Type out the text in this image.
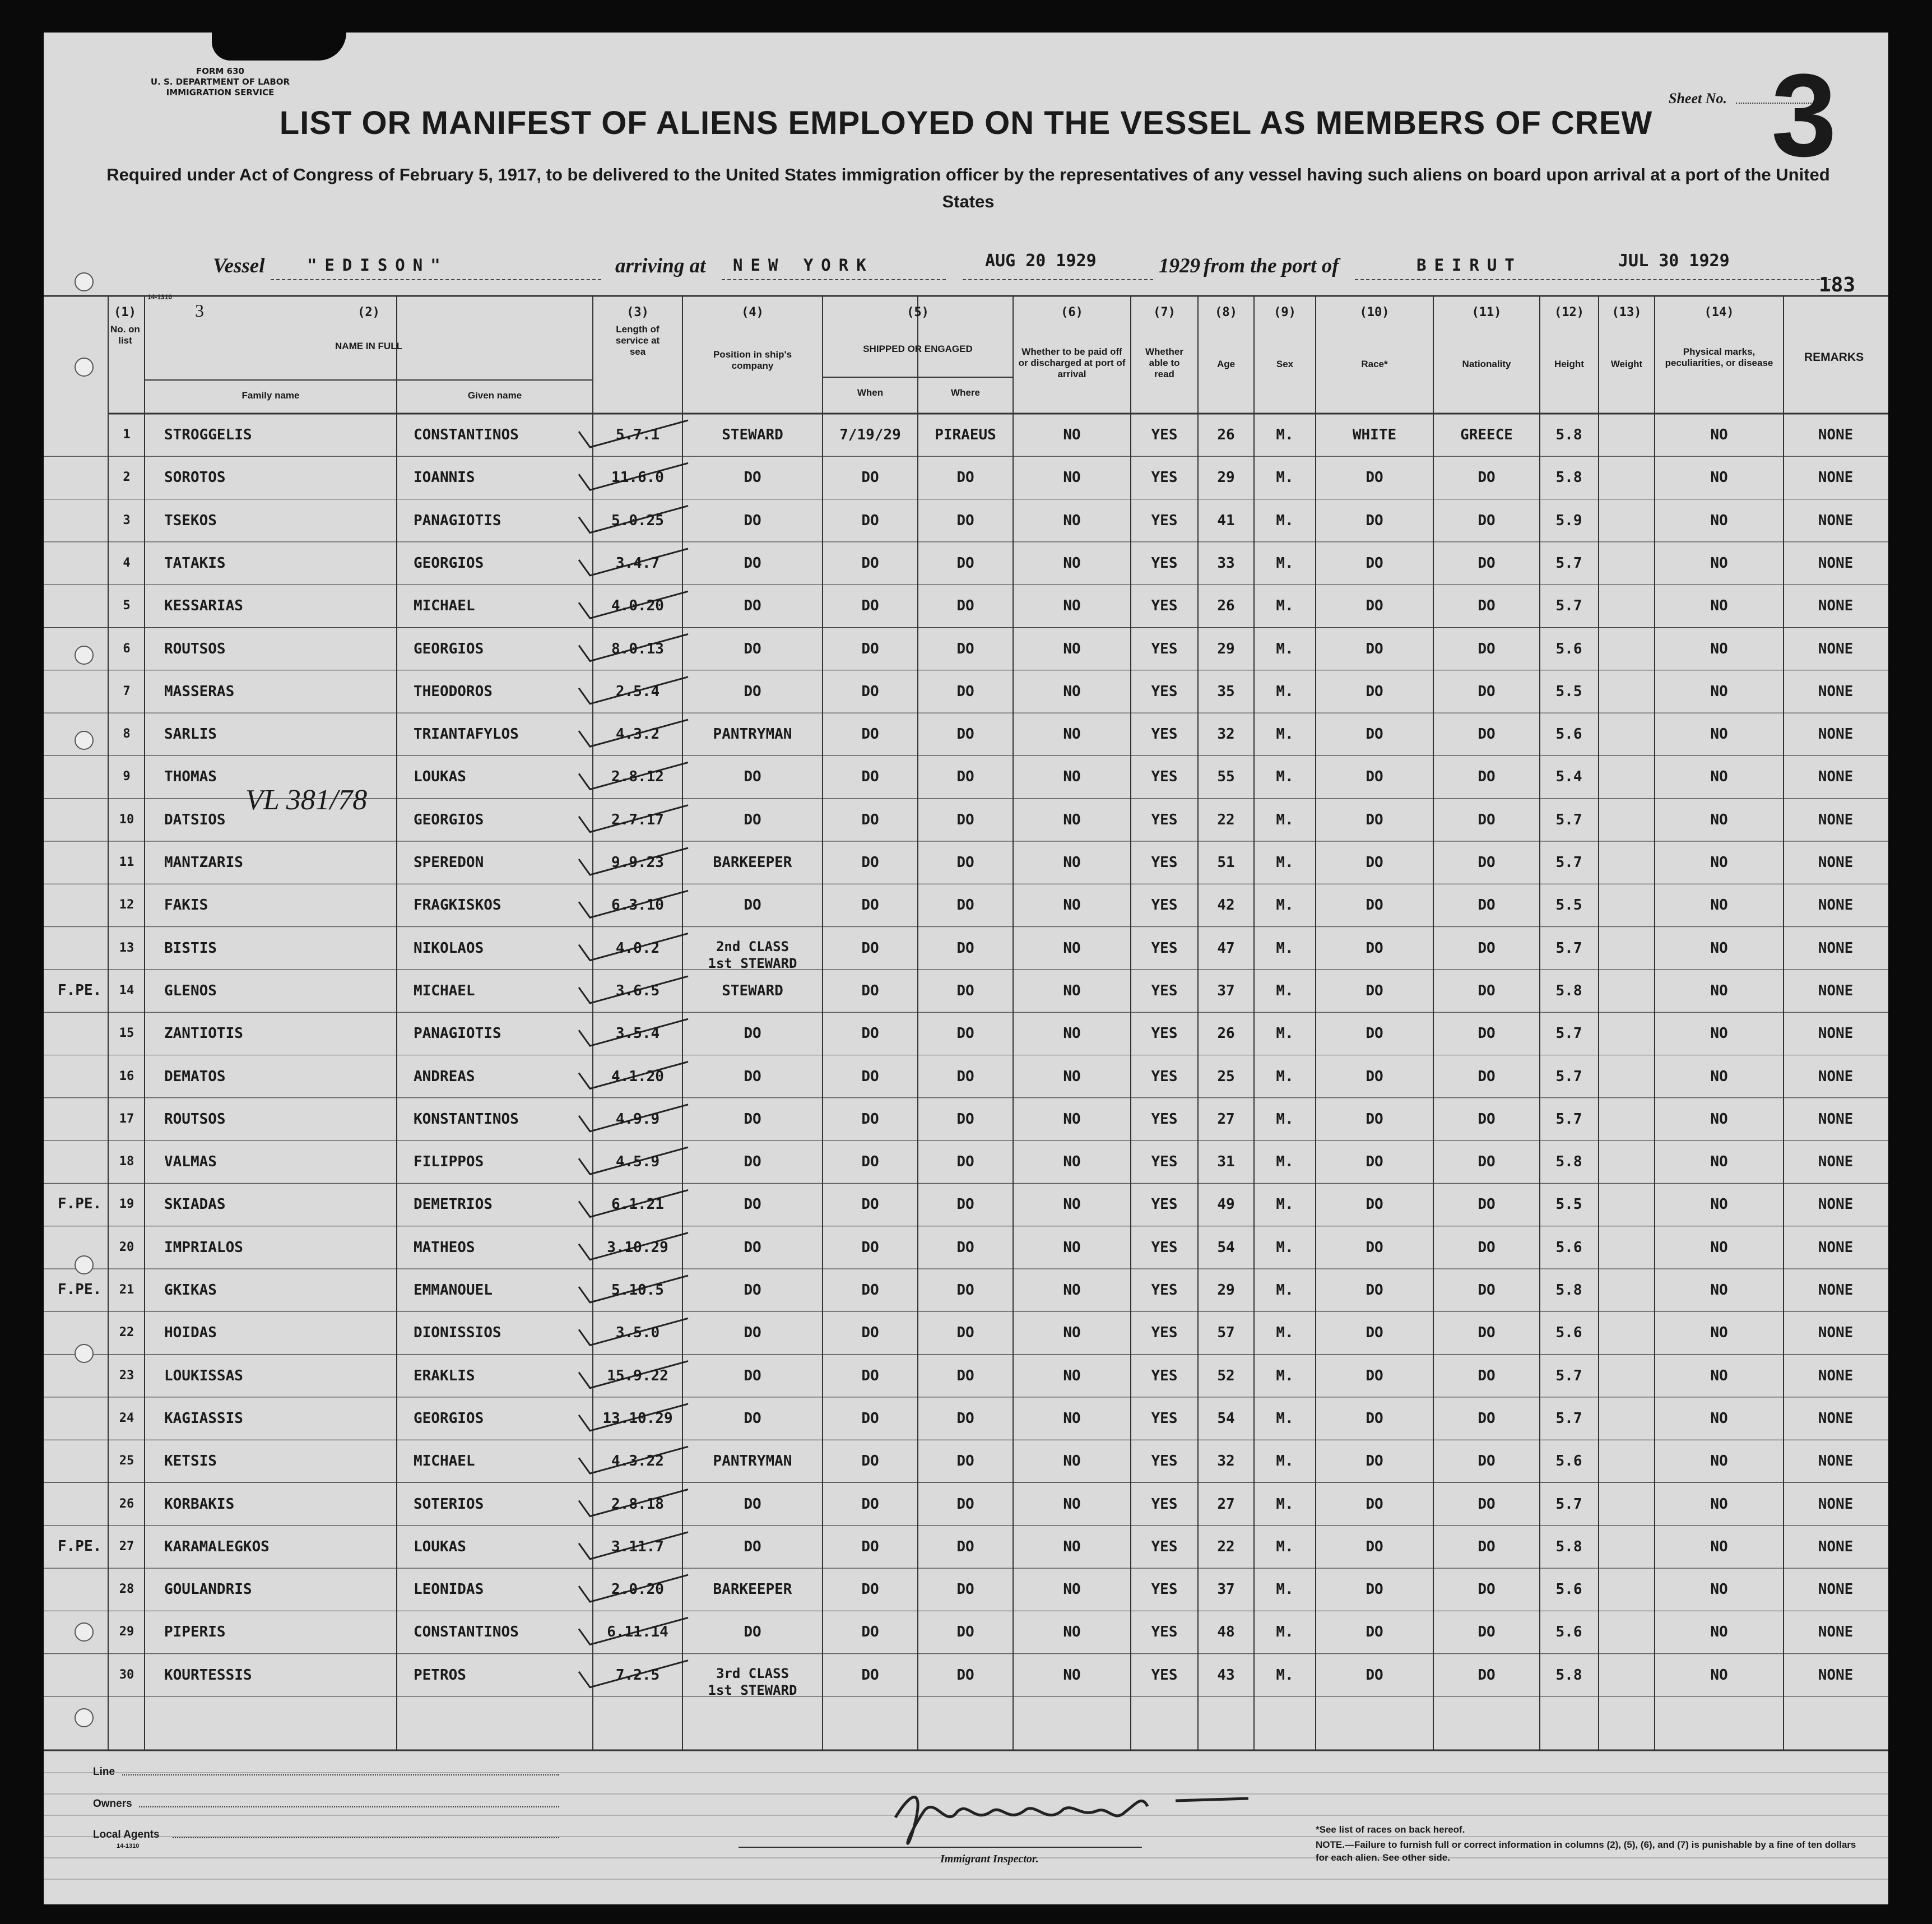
FORM 630
U. S. DEPARTMENT OF LABOR
IMMIGRATION SERVICE	Sheet No. 3
LIST OR MANIFEST OF ALIENS EMPLOYED ON THE VESSEL AS MEMBERS OF CREW
Required under Act of Congress of February 5, 1917, to be delivered to the United States immigration officer by the representatives of any vessel having such aliens on board upon arrival at a port of the United States
Vessel	"EDISON"	arriving at NEW YORK	AUG 20 1929	1929 from the port of	BEIRUT	JUL 30 1929
183
14-1310
(1)
No. on list
(2)
3
NAME IN FULL
Family name	Given name
(3)
Length of service at sea
(4)
Position in ship's company
(5)
SHIPPED OR ENGAGED
When	Where
(6)
Whether to be paid off or discharged at port of arrival
(7)
Whether able to read
(8)
Age
(9)
Sex
(10)
Race*
(11)
Nationality
(12)
Height
(13)
Weight
(14)
Physical marks, peculiarities, or disease	REMARKS
1 STROGGELIS	CONSTANTINOS	5.7.1	STEWARD	7/19/29 PIRAEUS	NO	YES	26	M.	WHITE	GREECE	5.8	NO	NONE
2 SOROTOS	IOANNIS	11.6.0	DO	DO	DO	NO	YES	29	M.	DO	DO	5.8	NO	NONE
3 TSEKOS	PANAGIOTIS	5.0.25	DO	DO	DO	NO	YES	41	M.	DO	DO	5.9	NO	NONE
4 TATAKIS	GEORGIOS	3.4.7	DO	DO	DO	NO	YES	33	M.	DO	DO	5.7	NO	NONE
5 KESSARIAS	MICHAEL	4.0.20	DO	DO	DO	NO	YES	26	M.	DO	DO	5.7	NO	NONE
6 ROUTSOS	GEORGIOS	8.0.13	DO	DO	DO	NO	YES	29	M.	DO	DO	5.6	NO	NONE
7 MASSERAS	THEODOROS	2.5.4	DO	DO	DO	NO	YES	35	M.	DO	DO	5.5	NO	NONE
8 SARLIS	TRIANTAFYLOS	4.3.2	PANTRYMAN	DO	DO	NO	YES	32	M.	DO	DO	5.6	NO	NONE
9 THOMAS	LOUKAS	2.8.12	DO	DO	DO	NO	YES	55	M.	DO	DO	5.4	NO	NONE
10 DATSIOS	GEORGIOS	2.7.17	DO	DO	DO	NO	YES	22	M.	DO	DO	5.7	NO	NONE
11 MANTZARIS	SPEREDON	9.9.23	BARKEEPER	DO	DO	NO	YES	51	M.	DO	DO	5.7	NO	NONE
12 FAKIS	FRAGKISKOS	6.3.10	DO	DO	DO	NO	YES	42	M.	DO	DO	5.5	NO	NONE
13 BISTIS	NIKOLAOS	4.0.2	2nd CLASS
1st STEWARD
DO	DO	NO	YES	47	M.	DO	DO	5.7	NO	NONE
14 GLENOS	MICHAEL	3.6.5	STEWARD	DO	DO	NO	YES	37	M.	DO	DO	5.8	NO	NONE
F.PE.
15 ZANTIOTIS	PANAGIOTIS	3.5.4	DO	DO	DO	NO	YES	26	M.	DO	DO	5.7	NO	NONE
16 DEMATOS	ANDREAS	4.1.20	DO	DO	DO	NO	YES	25	M.	DO	DO	5.7	NO	NONE
17 ROUTSOS	KONSTANTINOS	4.9.9	DO	DO	DO	NO	YES	27	M.	DO	DO	5.7	NO	NONE
18 VALMAS	FILIPPOS	4.5.9	DO	DO	DO	NO	YES	31	M.	DO	DO	5.8	NO	NONE
19 SKIADAS	DEMETRIOS	6.1.21	DO	DO	DO	NO	YES	49	M.	DO	DO	5.5	NO	NONE
F.PE.
20 IMPRIALOS	MATHEOS	3.10.29	DO	DO	DO	NO	YES	54	M.	DO	DO	5.6	NO	NONE
21 GKIKAS	EMMANOUEL	5.10.5	DO	DO	DO	NO	YES	29	M.	DO	DO	5.8	NO	NONE
F.PE.
22 HOIDAS	DIONISSIOS	3.5.0	DO	DO	DO	NO	YES	57	M.	DO	DO	5.6	NO	NONE
23 LOUKISSAS	ERAKLIS	15.9.22	DO	DO	DO	NO	YES	52	M.	DO	DO	5.7	NO	NONE
24 KAGIASSIS	GEORGIOS	13.10.29	DO	DO	DO	NO	YES	54	M.	DO	DO	5.7	NO	NONE
25 KETSIS	MICHAEL	4.3.22	PANTRYMAN	DO	DO	NO	YES	32	M.	DO	DO	5.6	NO	NONE
26 KORBAKIS	SOTERIOS	2.8.18	DO	DO	DO	NO	YES	27	M.	DO	DO	5.7	NO	NONE
27 KARAMALEGKOS	LOUKAS	3.11.7	DO	DO	DO	NO	YES	22	M.	DO	DO	5.8	NO	NONE
F.PE.
28 GOULANDRIS	LEONIDAS	2.0.20	BARKEEPER	DO	DO	NO	YES	37	M.	DO	DO	5.6	NO	NONE
29 PIPERIS	CONSTANTINOS	6.11.14	DO	DO	DO	NO	YES	48	M.	DO	DO	5.6	NO	NONE
30 KOURTESSIS	PETROS	7.2.5	3rd CLASS
1st STEWARD
DO	DO	NO	YES	43	M.	DO	DO	5.8	NO	NONE
VL 381/78
Line
Owners
Local Agents
14-1310
Immigrant Inspector.
*See list of races on back hereof.
NOTE.—Failure to furnish full or correct information in columns (2), (5), (6), and (7) is punishable by a fine of ten dollars for each alien. See other side.
